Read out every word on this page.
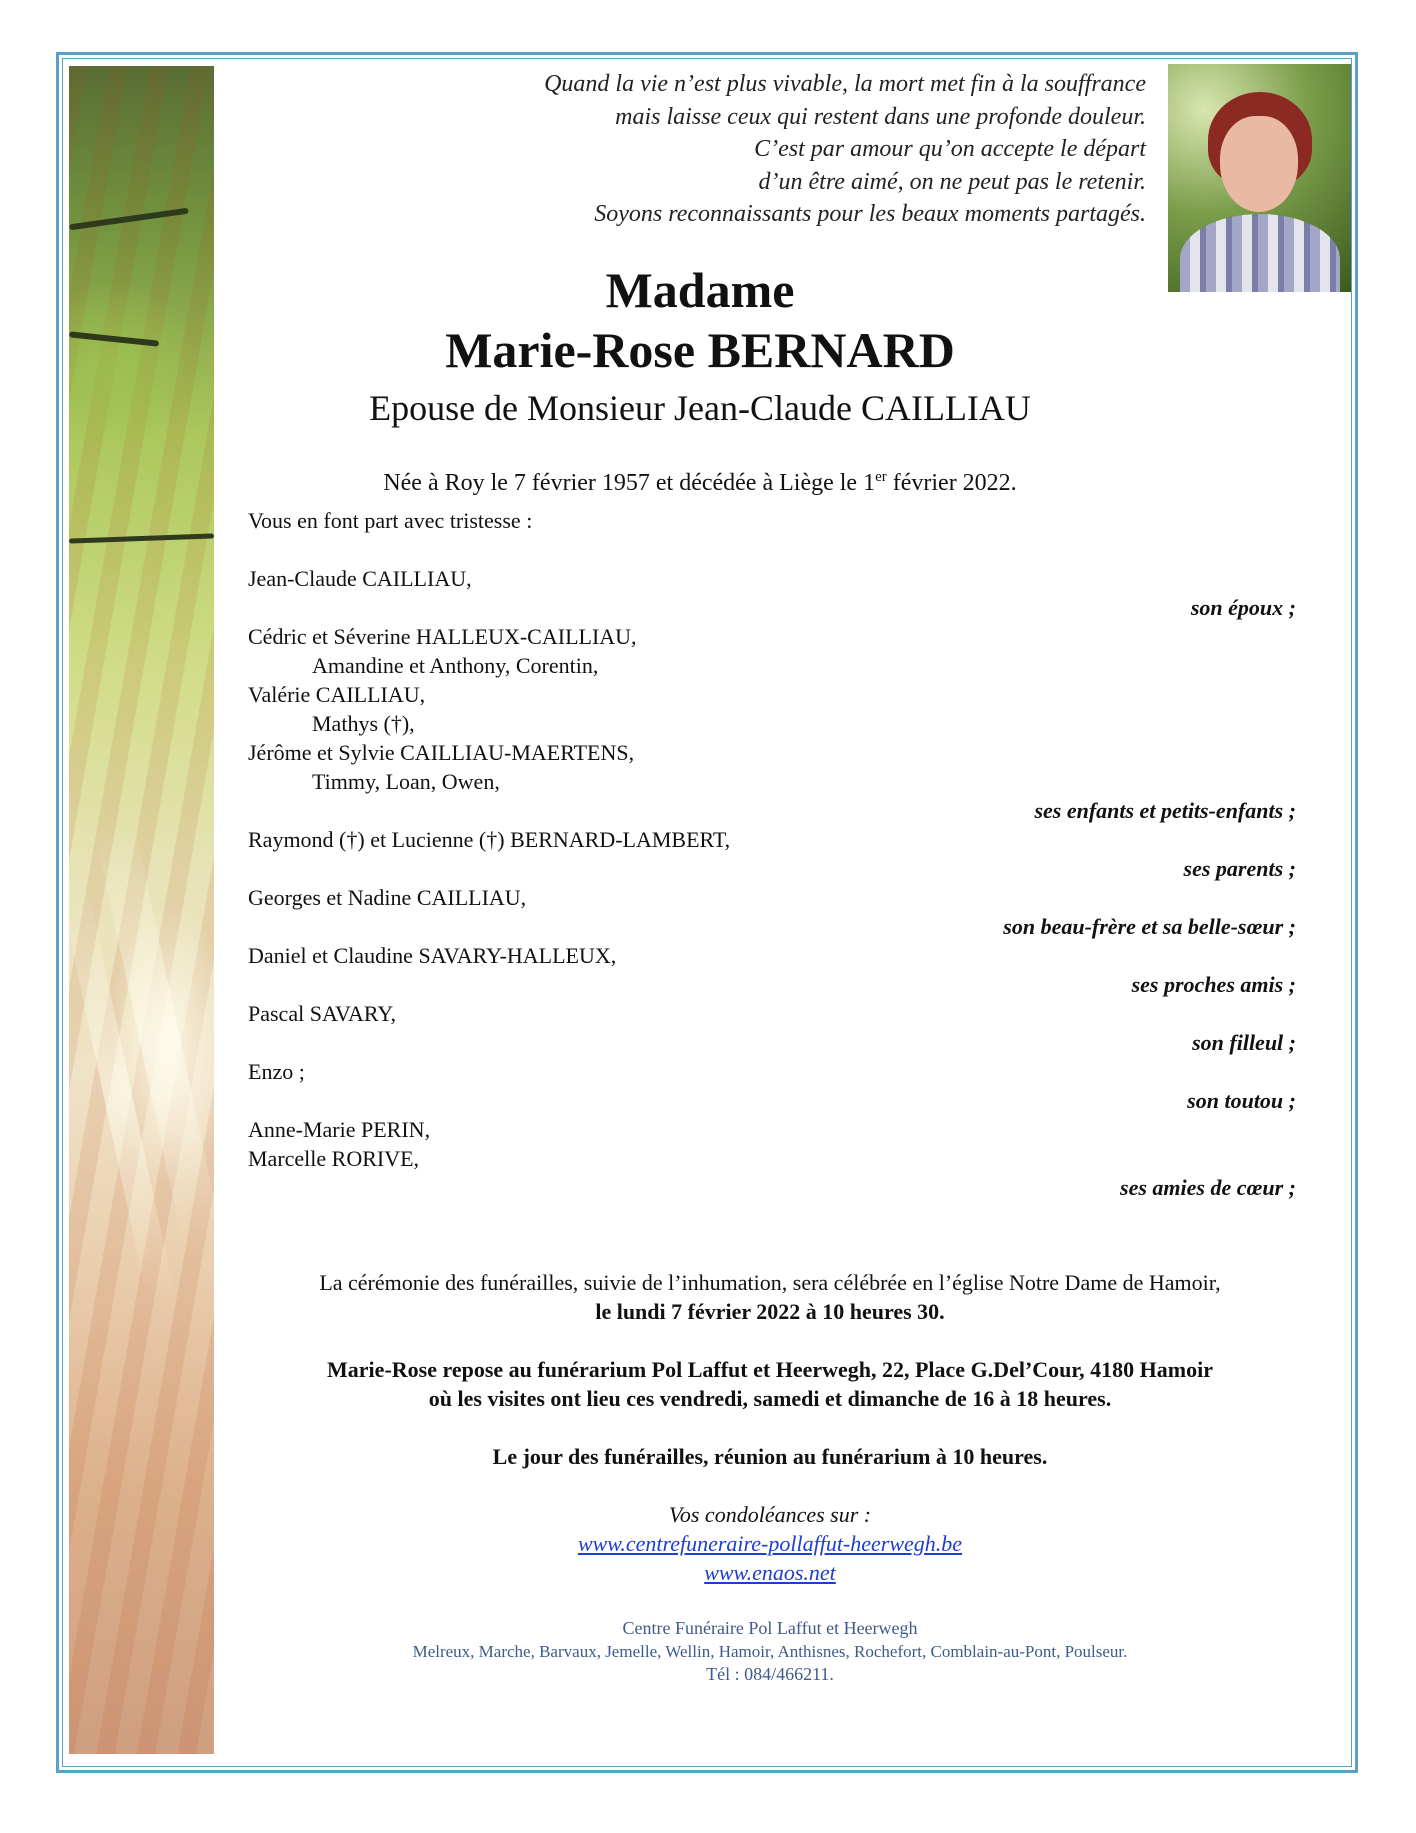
Quand la vie n’est plus vivable, la mort met fin à la souffrance
mais laisse ceux qui restent dans une profonde douleur.
C’est par amour qu’on accepte le départ
d’un être aimé, on ne peut pas le retenir.
Soyons reconnaissants pour les beaux moments partagés.
Madame
Marie-Rose BERNARD
Epouse de Monsieur Jean-Claude CAILLIAU
Née à Roy le 7 février 1957 et décédée à Liège le 1er février 2022.
Vous en font part avec tristesse :
Jean-Claude CAILLIAU,
son époux ;
Cédric et Séverine HALLEUX-CAILLIAU,
Amandine et Anthony, Corentin,
Valérie CAILLIAU,
Mathys (†),
Jérôme et Sylvie CAILLIAU-MAERTENS,
Timmy, Loan, Owen,
ses enfants et petits-enfants ;
Raymond (†) et Lucienne (†) BERNARD-LAMBERT,
ses parents ;
Georges et Nadine CAILLIAU,
son beau-frère et sa belle-sœur ;
Daniel et Claudine SAVARY-HALLEUX,
ses proches amis ;
Pascal SAVARY,
son filleul ;
Enzo ;
son toutou ;
Anne-Marie PERIN,
Marcelle RORIVE,
ses amies de cœur ;
La cérémonie des funérailles, suivie de l’inhumation, sera célébrée en l’église Notre Dame de Hamoir,
le lundi 7 février 2022 à 10 heures 30.
Marie-Rose repose au funérarium Pol Laffut et Heerwegh, 22, Place G.Del’Cour, 4180 Hamoir
où les visites ont lieu ces vendredi, samedi et dimanche de 16 à 18 heures.
Le jour des funérailles, réunion au funérarium à 10 heures.
Vos condoléances sur :
www.centrefuneraire-pollaffut-heerwegh.be
www.enaos.net
Centre Funéraire Pol Laffut et Heerwegh
Melreux, Marche, Barvaux, Jemelle, Wellin, Hamoir, Anthisnes, Rochefort, Comblain-au-Pont, Poulseur.
Tél : 084/466211.
